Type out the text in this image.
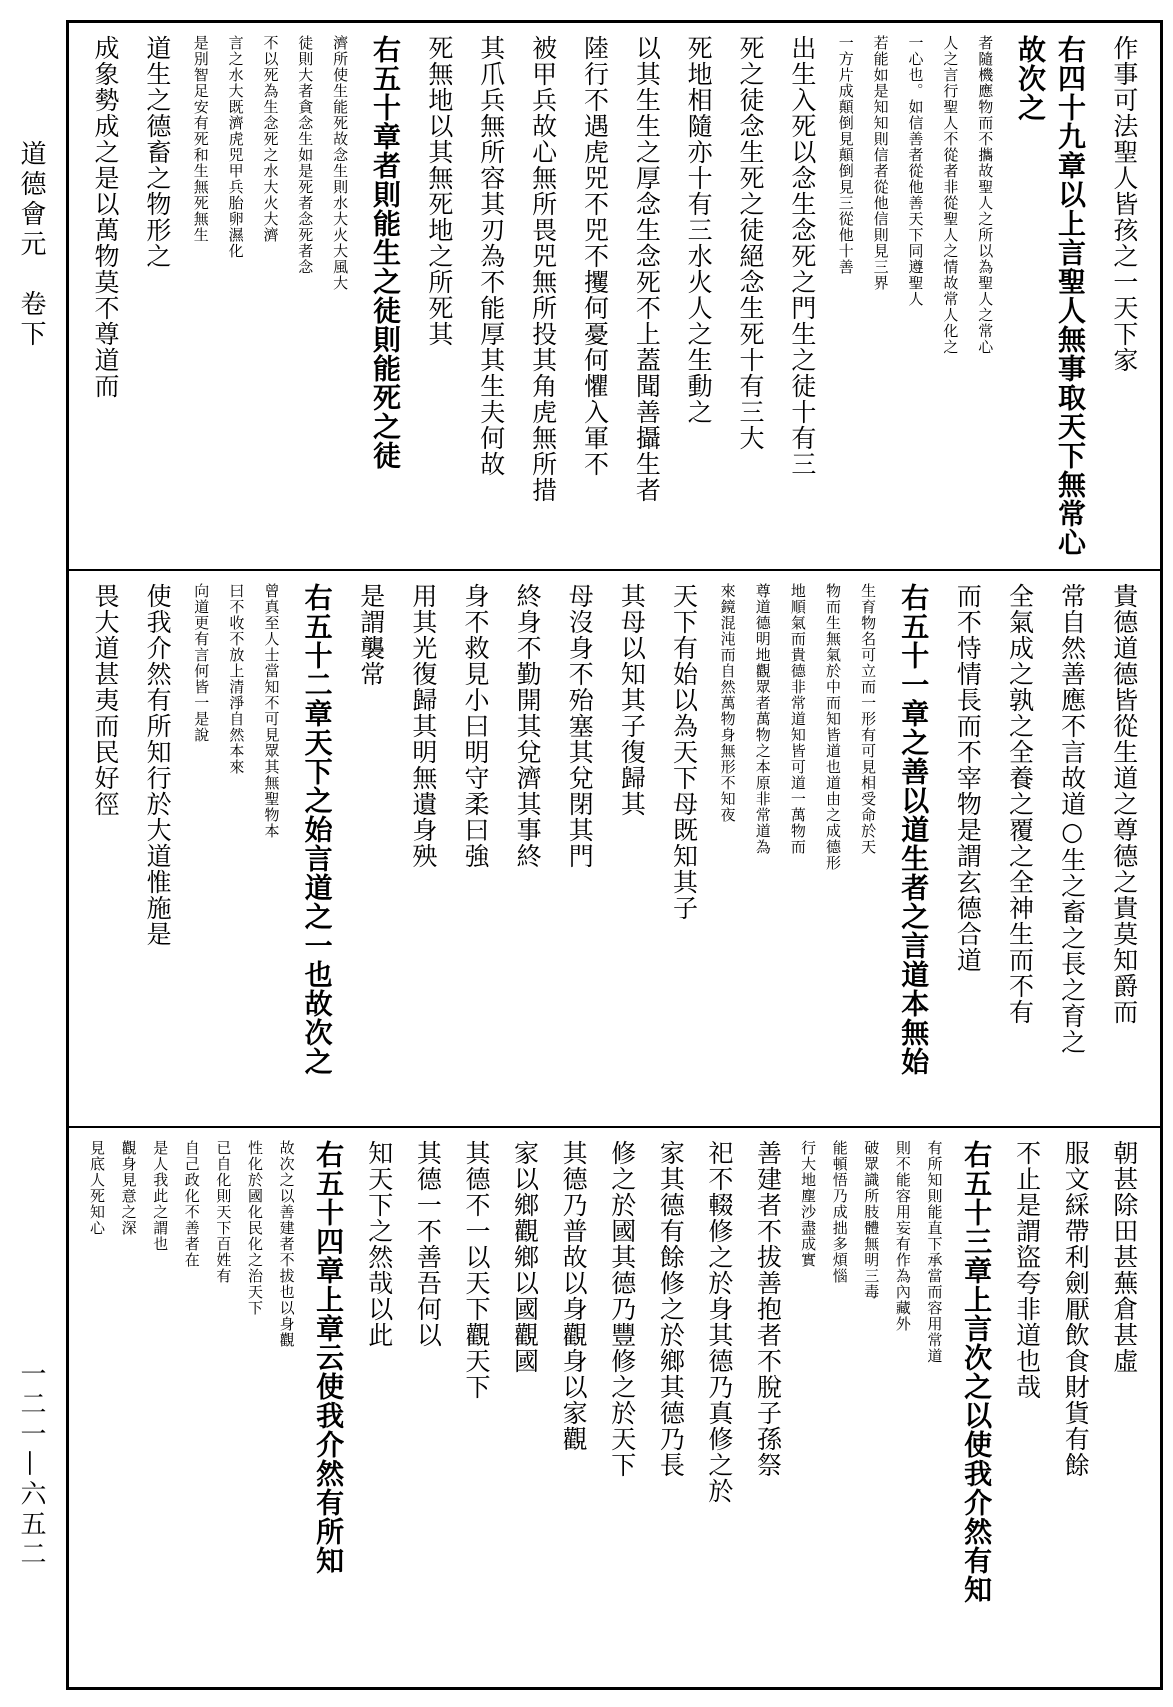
道德會元　卷下
一二一—六五二
作事可法聖人皆孩之一天下家
右四十九章以上言聖人無事取天下無常心故次之
者隨機應物而不攜故聖人之所以為聖人之常心
人之言行聖人不從者非從聖人之情故常人化之
一心也。如信善者從他善天下同遵聖人
若能如是知知則信者從他信則見三界
一方片成顛倒見顛倒見三從他十善
出生入死以念生念死之門生之徒十有三
死之徒念生死之徒絕念生死十有三大
死地相隨亦十有三水火人之生動之
以其生生之厚念生念死不上蓋聞善攝生者
陸行不遇虎兕不兕不攫何憂何懼入軍不
被甲兵故心無所畏兕無所投其角虎無所措
其爪兵無所容其刃為不能厚其生夫何故
死無地以其無死地之所死其
右五十章者則能生之徒則能死之徒
濟所使生能死故念生則水大火大風大
徒則大者貪念生如是死者念死者念
不以死為生念死之水大火大濟
言之水大既濟虎兕甲兵胎卵濕化
是別智足安有死和生無死無生
道生之德畜之物形之
成象勢成之是以萬物莫不尊道而
貴德道德皆從生道之尊德之貴莫知爵而
常自然善應不言故道○生之畜之長之育之
全氣成之孰之全養之覆之全神生而不有
而不恃情長而不宰物是謂玄德合道
右五十一章之善以道生者之言道本無始
生育物名可立而一形有可見相受命於天
物而生無氣於中而知皆道也道由之成德形
地順氣而貴德非常道知皆可道一萬物而
尊道德明地觀眾者萬物之本原非常道為
來鏡混沌而自然萬物身無形不知夜
天下有始以為天下母既知其子
其母以知其子復歸其
母沒身不殆塞其兌閉其門
終身不勤開其兌濟其事終
身不救見小曰明守柔曰強
用其光復歸其明無遺身殃
是謂襲常
右五十二章天下之始言道之一也故次之
曾真至人士當知不可見眾其無聖物本
曰不收不放上清淨自然本來
向道更有言何皆一是說
使我介然有所知行於大道惟施是
畏大道甚夷而民好徑
朝甚除田甚蕪倉甚虛
服文綵帶利劍厭飲食財貨有餘
不止是謂盜夸非道也哉
右五十三章上言次之以使我介然有知
有所知則能直下承當而容用常道
則不能容用妄有作為內藏外
破眾識所肢體無明三毒
能頓悟乃成拙多煩惱
行大地塵沙盡成實
善建者不拔善抱者不脫子孫祭
祀不輟修之於身其德乃真修之於
家其德有餘修之於鄉其德乃長
修之於國其德乃豐修之於天下
其德乃普故以身觀身以家觀
家以鄉觀鄉以國觀國
其德不一以天下觀天下
其德一不善吾何以
知天下之然哉以此
右五十四章上章云使我介然有所知
故次之以善建者不拔也以身觀
性化於國化民化之治天下
已自化則天下百姓有
自己政化不善者在
是人我此之謂也
觀身見意之深
見底人死知心
